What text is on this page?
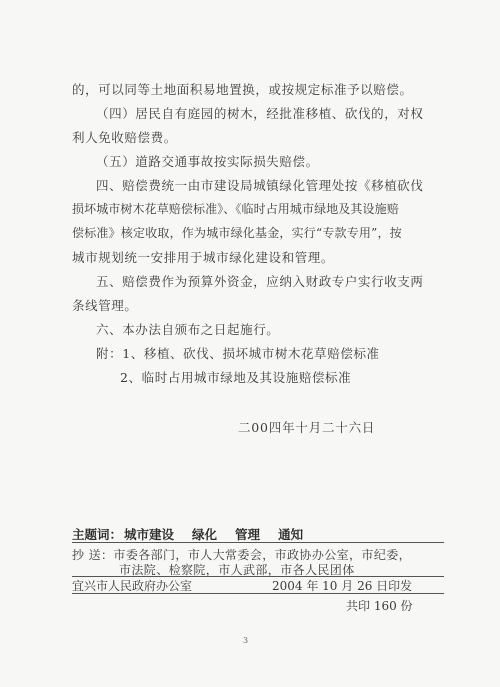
的，可以同等土地面积易地置换，或按规定标准予以赔偿。
（四）居民自有庭园的树木，经批准移植、砍伐的，对权
利人免收赔偿费。
（五）道路交通事故按实际损失赔偿。
四、赔偿费统一由市建设局城镇绿化管理处按《移植砍伐
损坏城市树木花草赔偿标准》、《临时占用城市绿地及其设施赔
偿标准》核定收取，作为城市绿化基金，实行“专款专用”，按
城市规划统一安排用于城市绿化建设和管理。
五、赔偿费作为预算外资金，应纳入财政专户实行收支两
条线管理。
六、本办法自颁布之日起施行。
附：1、移植、砍伐、损坏城市树木花草赔偿标准
2、临时占用城市绿地及其设施赔偿标准
二00四年十月二十六日
主题词： 城市建设 绿化 管理 通知
抄 送：市委各部门，市人大常委会，市政协办公室，市纪委，
市法院、检察院，市人武部，市各人民团体
宜兴市人民政府办公室	2004 年 10 月 26 日印发
共印 160 份
3
